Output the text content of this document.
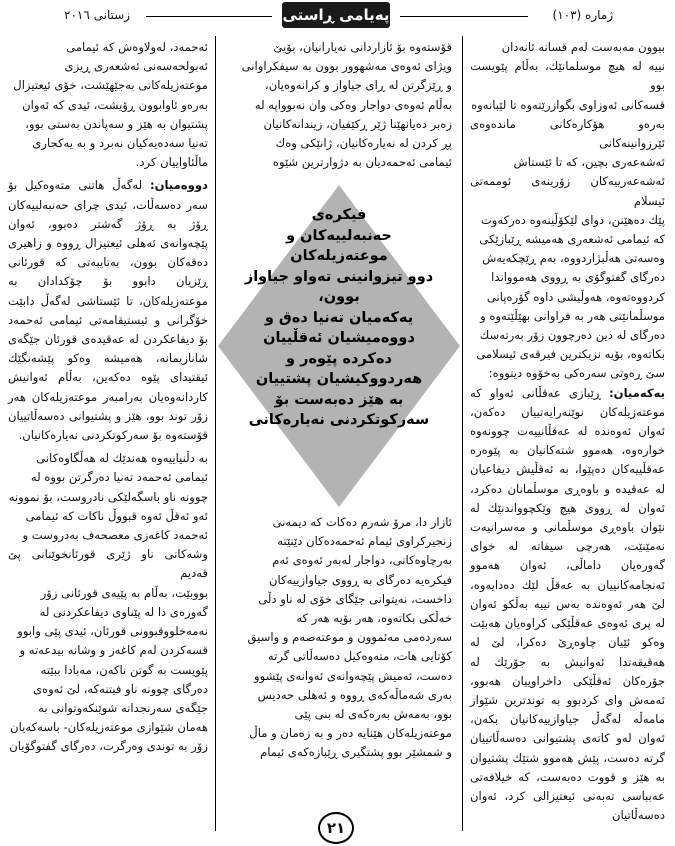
ژمارە (١٠٣)
پەیامی ڕاستی
زستانی ٢٠١٦
بیوون مەبەست لەم قسانە ئانەدان
نیيە لە هيچ موسلمانێك، بەڵام پێويست بوو
قسەکانی ئەوزاوی بگوازرێتەوە تا لێبانەوە
بەرەو هۆکارەکانی ماندەوەی ئێرزوانینەکانی
ئەشەعەری بچین، کە تا ئێستاش
ئەشەعەرییەکان زۆرینەی ئوممەتی ئیسلام
پێك دەهێنن، دوای لێکۆڵینەوە دەرکەوت
کە ئیمامی ئەشعەری هەمیشە ڕێبازێکی
وەسەتی هەڵبژاردووە، بەم ڕێچکەیەش
دەرگای گفتوگۆی بە ڕووی هەموواندا
کردووەتەوە، هەوڵیشی داوە گۆرەپانی
موسڵمانێتی هەر بە فراوانی بهێڵێتەوە و
دەرگای لە دین دەرچوون زۆر بەرتەسك
بکاتەوە، بۆیە نزیکترین فیرقەی ئیسلامی
سێ ڕەوتی سەرەکی بەخۆوە دیتووە:

یەکەمیان: ڕێبازی عەقڵانی ئەواو کە موعتەزیلەکان نوێنەرایەتییان دەکەن، ئەوان ئەوەندە لە عەقڵانییەت چوونەوە خوارەوە، هەموو شتەکانیان بە پێوەرە عەقڵییەکان دەپێوا، بە ئەقڵیش دیفاعیان لە عەقیدە و باوەڕی موسڵمانان دەکرد، ئەوان لە ڕووی هیچ وێکچوواندنێك لە نێوان باوەڕی موسڵمانی و مەسرانیەت نەمێنێت، هەرچی سیفاتە لە خوای گەورەیان داماڵی، ئەوان هەموو ئەنجامەکانییان بە عەقڵ لێك دەدایەوە، لێ هەر ئەوەندە بەس نییە بەڵکو ئەوان لە پری ئەوەی عەقڵێکی کراوەیان هەبێت وەکو ئێیان چاوەڕێ دەکرا، لێ لە هەقیقەتدا ئەوانیش بە جۆرێك لە جۆرەکان ئەقڵێکی داخراوییان هەبوو، ئەمەش وای کردبوو بە توندترین شێواز مامەڵە لەگەڵ جیاوازییەکانیان بکەن، ئەوان لەو کاتەی پشتیوانی دەسەڵاتییان گرتە دەست، پێش هەموو شتێك پشتیوان بە هێز و قووت دەبەست، کە خیلافەتی عەبباسی تەبەنی ئیعتیزالی کرد، ئەوان دەسەڵاتیان

قۆستەوە بۆ ئازاردانی نەیارانیان، بۆیێ
ویژای ئەوەی مەشهوور بوون بە سیفکراوانی
و ڕێزگرتن لە ڕای جیاواز و کرانەوەیان،
بەڵام ئەوەی دواجار وەکی وان نەبوواپە لە
زەبر دەیانهێنا ژێر ڕکێفیان، زیندانەکانیان
پڕ کردن لە نەیارەکانیان، ژانێکی وەك
ئیمامی ئەحمەدیان بە دژوارترین شێوە
ئازار دا، مرۆ شەرم دەکات کە دیمەنی
زنجیرکراوی ئیمام ئەحمەدەکان دێنێتە
بەرچاوەکانی، دواجار لەبەر ئەوەی ئەم
فیکرەیە دەرگای بە ڕووی جیاوازییەکان
داخست، نەیتوانی جێگای خۆی لە ناو دڵی
خەڵکی بکاتەوە، هەر بۆیە هەر کە
سەردەمی مەئموون و موعتەصەم و واسیق
کۆتایی هات، متەوەکیل دەسەڵاتی گرتە
دەست، ئەمیش پێچەوانەی ئەوانەی پێشوو
بەری شەماڵەکەی ڕووە و ئەهلی حەدیس
بوو، بەمەش بەرەکەی لە بنی پێی
موعتەزیلەکان هێنایە دەر و بە زەمان و ماڵ
و شمشێر بوو پشتگیری ڕێبازەکەی ئیمام
ئەحمەد، لەولاوەش کە ئیمامی
ئەبولحەسەنی ئەشعەری ڕیزی
موعتەزیلەکانی بەجێهێشت، خۆی ئیعتیزال
بەرەو ئاوابوون ڕۆیشت، ئیدی کە ئەوان
پشتیوان بە هێز و سەپاندن بەستی بوو،
تەنیا سەدەیەکیان نەبرد و بە یەکجاری
ماڵئاواییان کرد.

دووەمیان: لەگەڵ هاتنی متەوەکیل بۆ سەر دەسەڵات، ئیدی چرای حەنبەلییەکان ڕۆژ بە ڕۆژ گەشتر دەبوو، ئەوان پێچەوانەی ئەهلی ئیعتیزال ڕووە و زاهیری دەقەکان بوون، بەتایبەتی کە قورئانی ڕێزیان دابوو بۆ چۆکدادان بە موعتەزیلەکان، تا ئێستاشی لەگەڵ دابێت خۆگرانی و ئیستیقامەتی ئیمامی ئەحمەد بۆ دیفاعکردن لە عەقیدەی قورئان جێگەی شانازیمانە، هەمیشە وەکو پێشەنگێك ئیقتیدای پێوە دەکەین، بەڵام ئەوانیش کاردانەوەیان بەرامبەر موعتەزیلەکان هەر زۆر توند بوو، هێز و پشتیوانی دەسەڵاتییان قۆستەوە بۆ سەرکوتکردنی نەیارەکانیان.

بە دڵنیاییەوە هەندێك لە هەڵگاوەکانی
ئیمامی ئەحمەد تەنیا دەرگرتن بووە لە
چوونە ناو باسگەلێکی نادروست، بۆ نموونە
ئەو ئەقڵ ئەوە قبووڵ ناکات کە ئیمامی
ئەحمەد کاغەزی معصحەف بەدروست و
وشەکانی ناو ژێری قورئانخوێنانی پێ قەدیم
بووبێت، بەڵام بە پێیەی قورئانی زۆر
گەورەی دا لە پێناوی دیفاعکردنی لە
نەمەخلووقبوونی قورئان، ئیدی پێی وابوو
قسەکردن لەم کاغەز و وشانە بیدعەتە و
پێویست بە گوتن ناکەن، مەبادا ببێتە
دەرگای چوونە ناو فیتنەکە، لێ ئەوەی
جێگەی سەرنجدانە شوێنکەوتوانی بە
هەمان شێوازی موعتەزیلەکان- باسەکەیان
زۆر بە توندی وەرگرت، دەرگای گفتوگۆیان
فیکرەی
حەنبەلییەکان و
موعتەزیلەکان
دوو تیزوانینی تەواو جیاواز بوون،
یەکەمیان تەنیا دەق و
دووەمیشیان ئەقڵییان
دەکردە پێوەر و
هەردووکیشیان پشتییان
بە هێز دەبەست بۆ
سەرکوتکردنی نەیارەکانی
٢١
